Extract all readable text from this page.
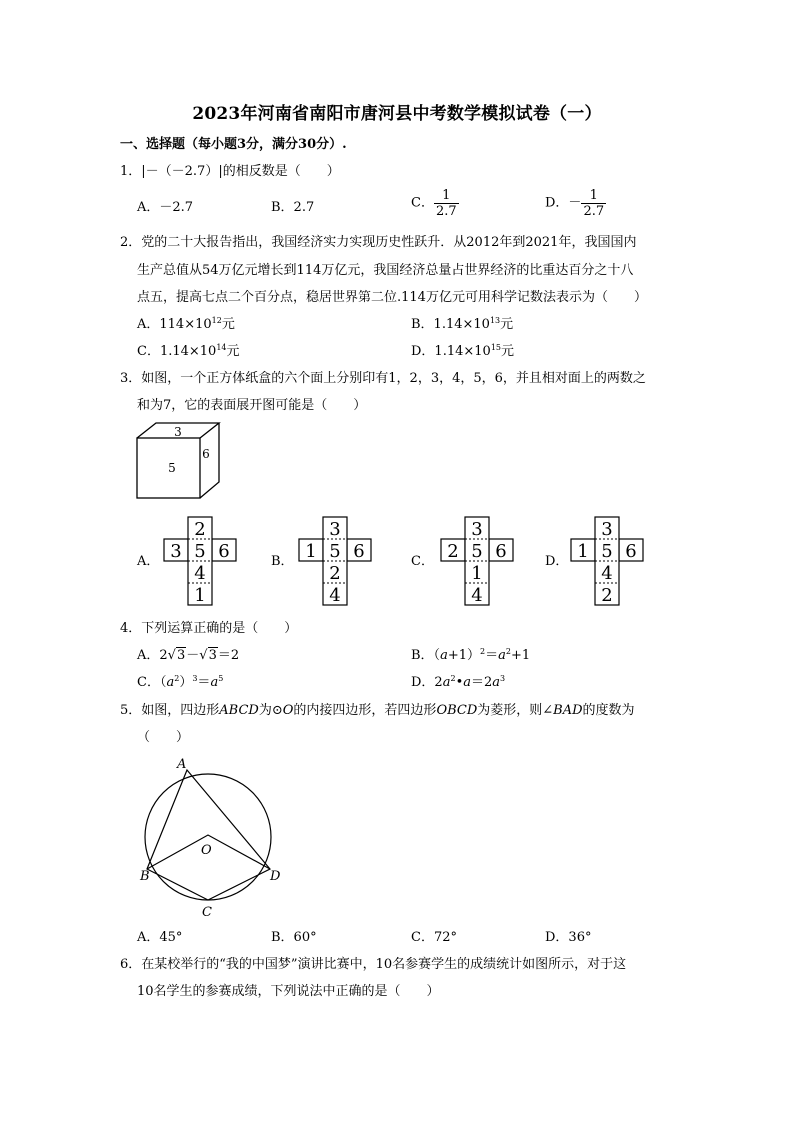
2023年河南省南阳市唐河县中考数学模拟试卷（一）
一、选择题（每小题3分，满分30分）.
1．|－（－2.7）|的相反数是（　　）
A．－2.7	B．2.7	C． $\frac{1}{2.7}$	D．－ $\frac{1}{2.7}$
2．党的二十大报告指出，我国经济实力实现历史性跃升．从2012年到2021年，我国国内
生产总值从54万亿元增长到114万亿元，我国经济总量占世界经济的比重达百分之十八
点五，提高七点二个百分点，稳居世界第二位.114万亿元可用科学记数法表示为（　　）
A．$114\times 10^{12}$元	B．$1.14\times 10^{13}$元
C．$1.14\times 10^{14}$元	D．$1.14\times 10^{15}$元
3．如图，一个正方体纸盒的六个面上分别印有1，2，3，4，5，6，并且相对面上的两数之
和为7，它的表面展开图可能是（　　）
3
5
6
A．
2
3 5 6
4
1
B．
3
1 5 6
2
4
C．
3
2 5 6
1
4
D．
3
1 5 6
4
2
4．下列运算正确的是（　　）
A．2√3－√3＝2	B．$(a+1)^2=a^2+1$
C．$(a^2)^3=a^5$	D．$2a^2•a=2a^3$
5．如图，四边形ABCD为⊙O的内接四边形，若四边形OBCD为菱形，则∠BAD的度数为
（　　）
A
B
C
D
O
A．45°	B．60°	C．72°	D．36°
6．在某校举行的“我的中国梦”演讲比赛中，10名参赛学生的成绩统计如图所示，对于这
10名学生的参赛成绩，下列说法中正确的是（　　）
